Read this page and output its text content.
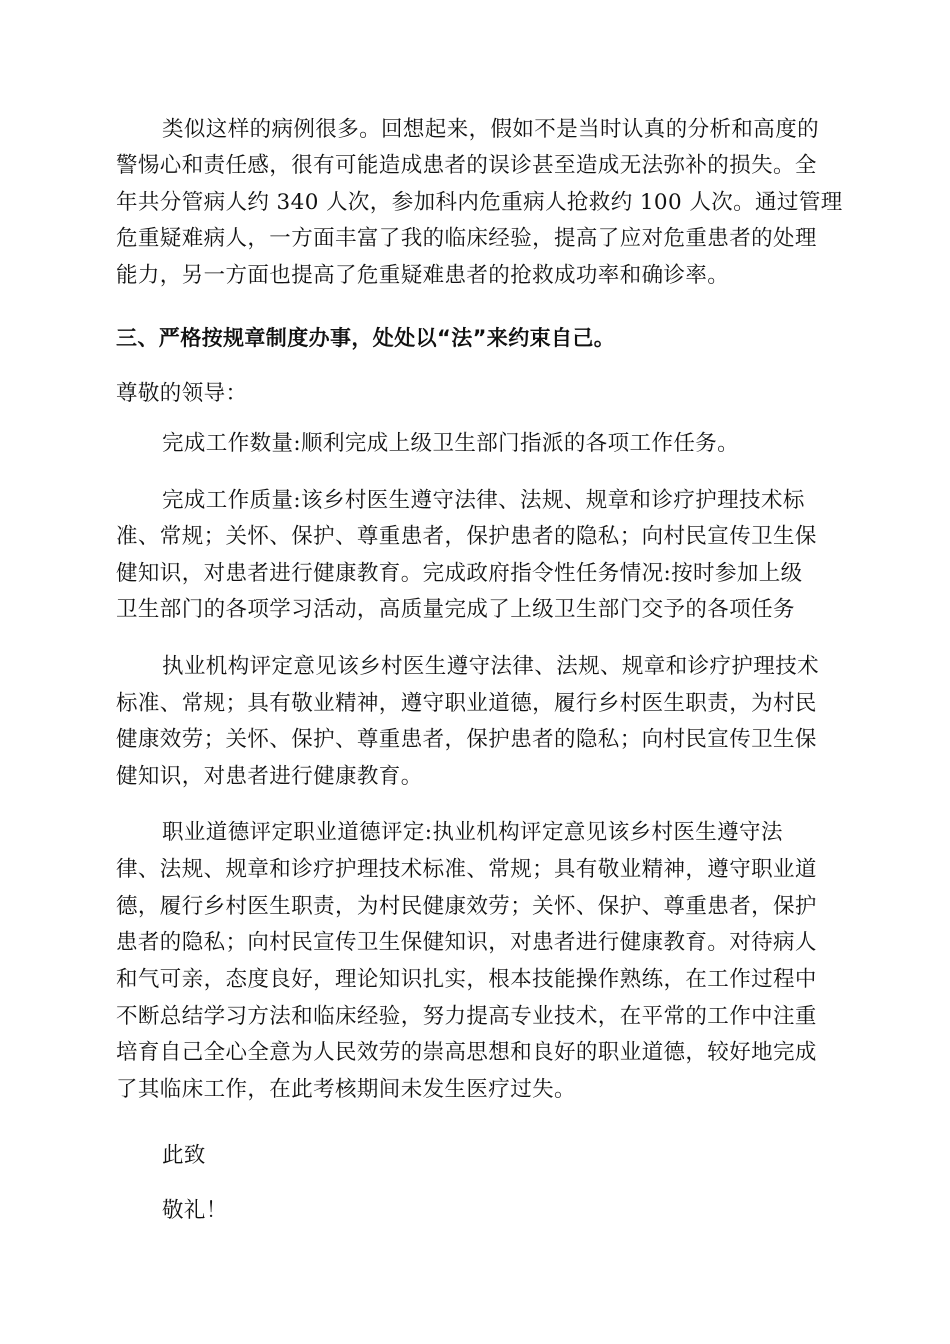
类似这样的病例很多。回想起来，假如不是当时认真的分析和高度的
警惕心和责任感，很有可能造成患者的误诊甚至造成无法弥补的损失。全
年共分管病人约 340 人次，参加科内危重病人抢救约 100 人次。通过管理
危重疑难病人，一方面丰富了我的临床经验，提高了应对危重患者的处理
能力，另一方面也提高了危重疑难患者的抢救成功率和确诊率。
三、严格按规章制度办事，处处以“法”来约束自己。
尊敬的领导：
完成工作数量:顺利完成上级卫生部门指派的各项工作任务。
完成工作质量:该乡村医生遵守法律、法规、规章和诊疗护理技术标
准、常规；关怀、保护、尊重患者，保护患者的隐私；向村民宣传卫生保
健知识，对患者进行健康教育。完成政府指令性任务情况:按时参加上级
卫生部门的各项学习活动，高质量完成了上级卫生部门交予的各项任务
执业机构评定意见该乡村医生遵守法律、法规、规章和诊疗护理技术
标准、常规；具有敬业精神，遵守职业道德，履行乡村医生职责，为村民
健康效劳；关怀、保护、尊重患者，保护患者的隐私；向村民宣传卫生保
健知识，对患者进行健康教育。
职业道德评定职业道德评定:执业机构评定意见该乡村医生遵守法
律、法规、规章和诊疗护理技术标准、常规；具有敬业精神，遵守职业道
德，履行乡村医生职责，为村民健康效劳；关怀、保护、尊重患者，保护
患者的隐私；向村民宣传卫生保健知识，对患者进行健康教育。对待病人
和气可亲，态度良好，理论知识扎实，根本技能操作熟练，在工作过程中
不断总结学习方法和临床经验，努力提高专业技术，在平常的工作中注重
培育自己全心全意为人民效劳的崇高思想和良好的职业道德，较好地完成
了其临床工作，在此考核期间未发生医疗过失。
此致
敬礼！
